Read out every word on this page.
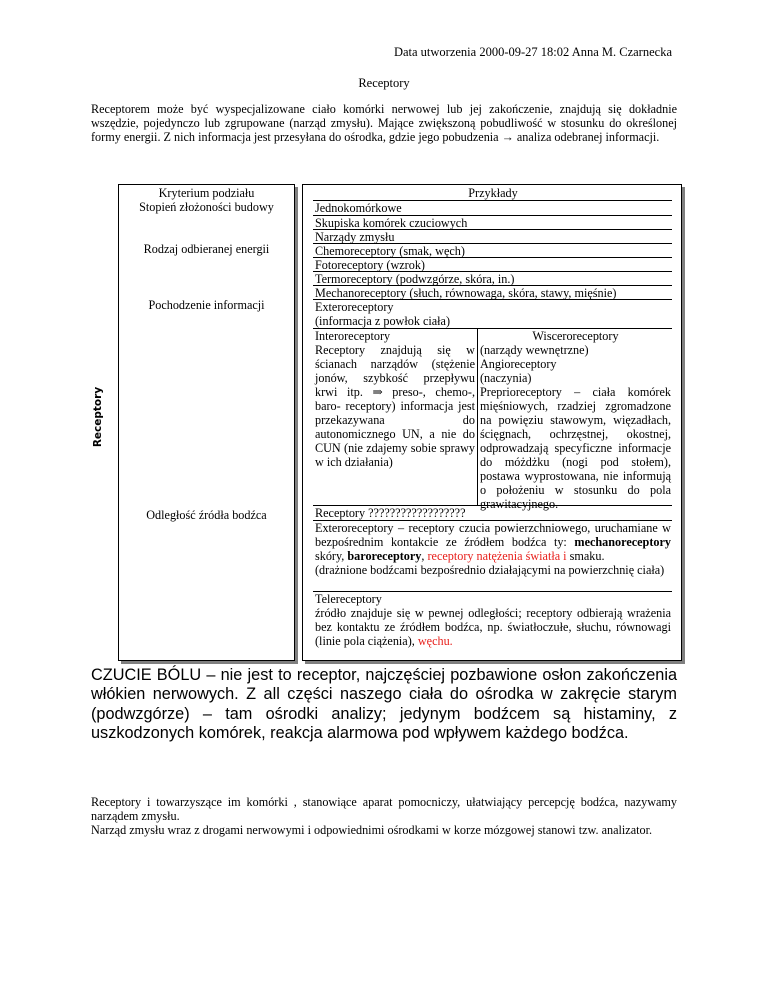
Data utworzenia 2000-09-27 18:02 Anna M. Czarnecka
Receptory
Receptorem może być wyspecjalizowane ciało komórki nerwowej lub jej zakończenie, znajdują się dokładnie wszędzie, pojedynczo lub zgrupowane (narząd zmysłu). Mające zwiększoną pobudliwość w stosunku do określonej formy energii. Z nich informacja jest przesyłana do ośrodka, gdzie jego pobudzenia → analiza odebranej informacji.
Receptory
Kryterium podziału
Stopień złożoności budowy
Rodzaj odbieranej energii
Pochodzenie informacji
Odległość źródła bodźca
Przykłady
Jednokomórkowe
Skupiska komórek czuciowych
Narządy zmysłu
Chemoreceptory (smak, węch)
Fotoreceptory (wzrok)
Termoreceptory (podwzgórze, skóra, in.)
Mechanoreceptory (słuch, równowaga, skóra, stawy, mięśnie)
Exteroreceptory
(informacja z powłok ciała)
Interoreceptory
Receptory znajdują się w ścianach narządów (stężenie jonów, szybkość przepływu krwi itp. ⇒ preso-, chemo-, baro- receptory) informacja jest przekazywana do autonomicznego UN, a nie do CUN (nie zdajemy sobie sprawy w ich działania)
Wisceroreceptory
(narządy wewnętrzne)
Angioreceptory
(naczynia)
Preprioreceptory – ciała komórek mięśniowych, rzadziej zgromadzone na powięziu stawowym, więzadłach, ścięgnach, ochrzęstnej, okostnej, odprowadzają specyficzne informacje do móżdżku (nogi pod stołem), postawa wyprostowana, nie informują o położeniu w stosunku do pola grawitacyjnego.
Receptory ??????????????????
Exteroreceptory – receptory czucia powierzchniowego, uruchamiane w bezpośrednim kontakcie ze źródłem bodźca ty: mechanoreceptory skóry, baroreceptory, receptory natężenia światła i smaku.
(drażnione bodźcami bezpośrednio działającymi na powierzchnię ciała)
Telereceptory
źródło znajduje się w pewnej odległości; receptory odbierają wrażenia bez kontaktu ze źródłem bodźca, np. światłoczułe, słuchu, równowagi (linie pola ciążenia), węchu.
CZUCIE BÓLU – nie jest to receptor, najczęściej pozbawione osłon zakończenia włókien nerwowych. Z all części naszego ciała do ośrodka w zakręcie starym (podwzgórze) – tam ośrodki analizy; jedynym bodźcem są histaminy, z uszkodzonych komórek, reakcja alarmowa pod wpływem każdego bodźca.
Receptory i towarzyszące im komórki , stanowiące aparat pomocniczy, ułatwiający percepcję bodźca, nazywamy narządem zmysłu.
Narząd zmysłu wraz z drogami nerwowymi i odpowiednimi ośrodkami w korze mózgowej stanowi tzw. analizator.
